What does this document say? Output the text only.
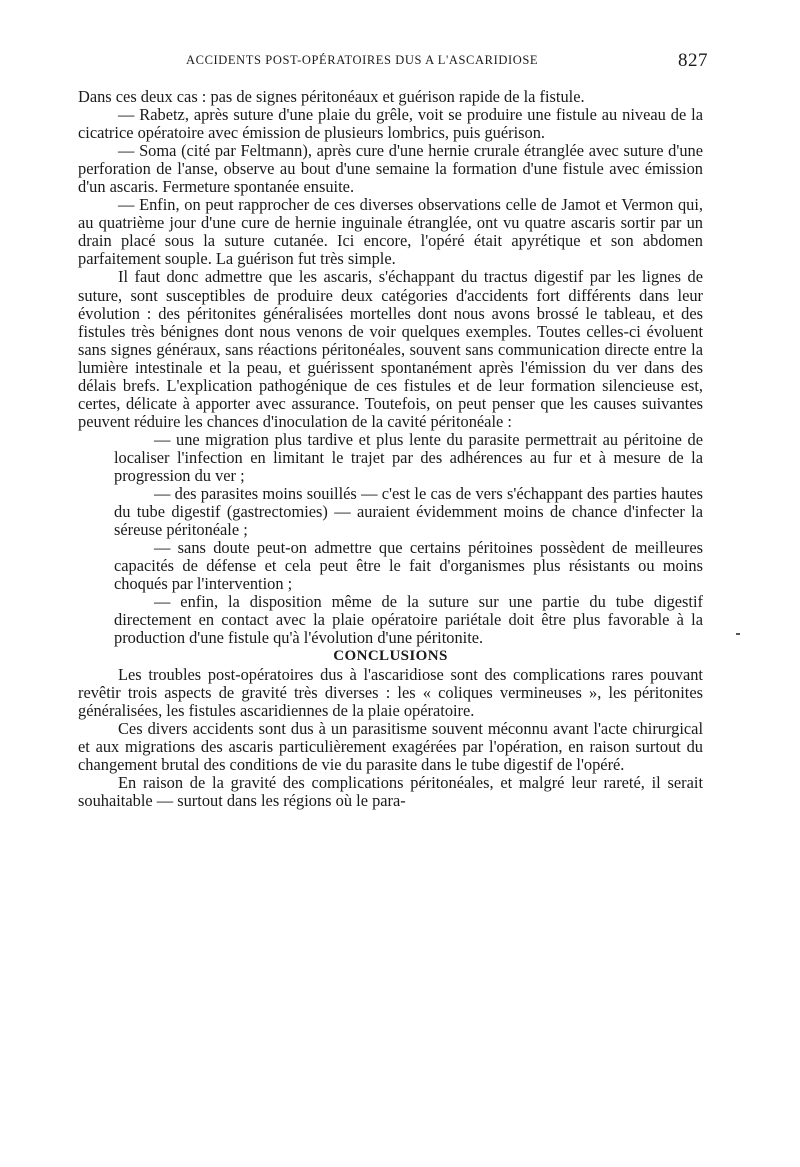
ACCIDENTS POST-OPÉRATOIRES DUS A L'ASCARIDIOSE	827

Dans ces deux cas : pas de signes péritonéaux et guérison rapide de la fistule.

— Rabetz, après suture d'une plaie du grêle, voit se produire une fistule au niveau de la cicatrice opératoire avec émission de plusieurs lombrics, puis guérison.

— Soma (cité par Feltmann), après cure d'une hernie crurale étranglée avec suture d'une perforation de l'anse, observe au bout d'une semaine la formation d'une fistule avec émission d'un ascaris. Fermeture spontanée ensuite.

— Enfin, on peut rapprocher de ces diverses observations celle de Jamot et Vermon qui, au quatrième jour d'une cure de hernie inguinale étranglée, ont vu quatre ascaris sortir par un drain placé sous la suture cutanée. Ici encore, l'opéré était apyrétique et son abdomen parfaitement souple. La guérison fut très simple.

Il faut donc admettre que les ascaris, s'échappant du tractus digestif par les lignes de suture, sont susceptibles de produire deux catégories d'accidents fort différents dans leur évolution : des péritonites généralisées mortelles dont nous avons brossé le tableau, et des fistules très bénignes dont nous venons de voir quelques exemples. Toutes celles-ci évoluent sans signes généraux, sans réactions péritonéales, souvent sans communication directe entre la lumière intestinale et la peau, et guérissent spontanément après l'émission du ver dans des délais brefs. L'explication pathogénique de ces fistules et de leur formation silencieuse est, certes, délicate à apporter avec assurance. Toutefois, on peut penser que les causes suivantes peuvent réduire les chances d'inoculation de la cavité péritonéale :

— une migration plus tardive et plus lente du parasite permettrait au péritoine de localiser l'infection en limitant le trajet par des adhérences au fur et à mesure de la progression du ver ;

— des parasites moins souillés — c'est le cas de vers s'échappant des parties hautes du tube digestif (gastrectomies) — auraient évidemment moins de chance d'infecter la séreuse péritonéale ;

— sans doute peut-on admettre que certains péritoines possèdent de meilleures capacités de défense et cela peut être le fait d'organismes plus résistants ou moins choqués par l'intervention ;

— enfin, la disposition même de la suture sur une partie du tube digestif directement en contact avec la plaie opératoire pariétale doit être plus favorable à la production d'une fistule qu'à l'évolution d'une péritonite.

CONCLUSIONS

Les troubles post-opératoires dus à l'ascaridiose sont des complications rares pouvant revêtir trois aspects de gravité très diverses : les « coliques vermineuses », les péritonites généralisées, les fistules ascaridiennes de la plaie opératoire.

Ces divers accidents sont dus à un parasitisme souvent méconnu avant l'acte chirurgical et aux migrations des ascaris particulièrement exagérées par l'opération, en raison surtout du changement brutal des conditions de vie du parasite dans le tube digestif de l'opéré.

En raison de la gravité des complications péritonéales, et malgré leur rareté, il serait souhaitable — surtout dans les régions où le para-
